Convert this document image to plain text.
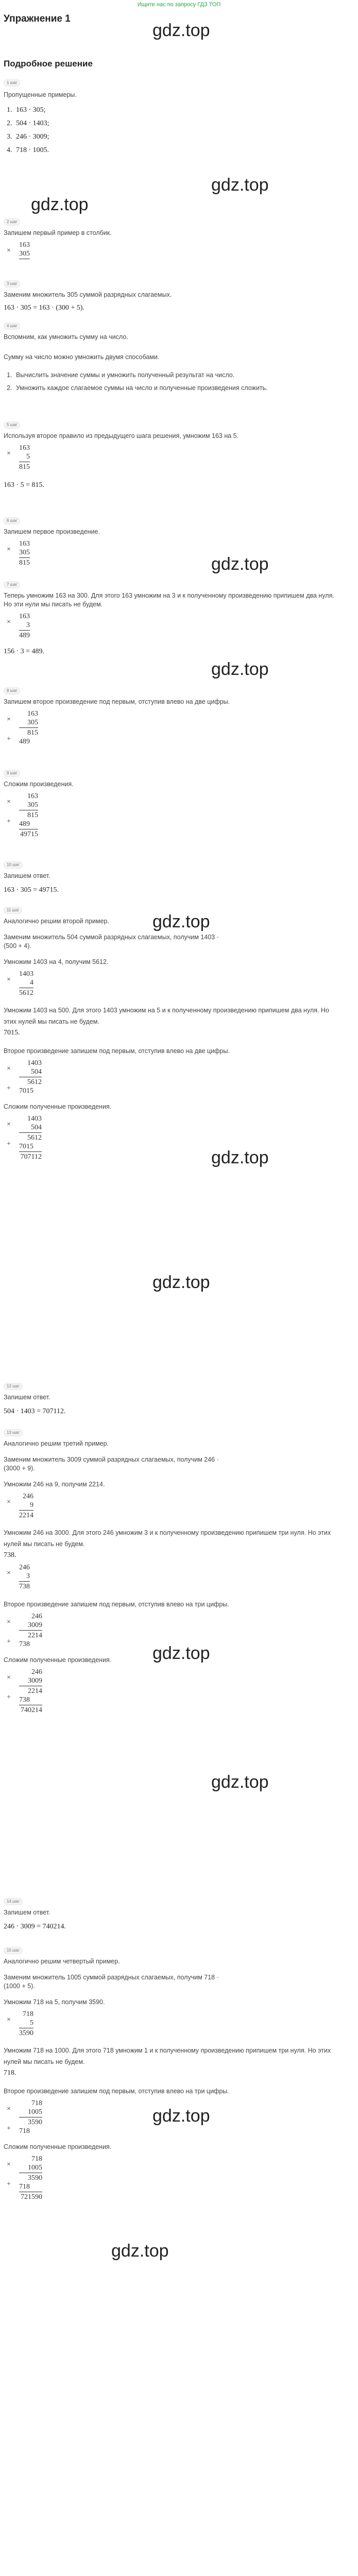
Ищите нас по запросу ГДЗ ТОП
Упражнение 1
gdz.top
Подробное решение
1 шаг
Пропущенные примеры.
1. 163 · 305;
2. 504 · 1403;
3. 246 · 3009;
4. 718 · 1005.
gdz.top
gdz.top
2 шаг
Запишем первый пример в столбик.
×
163
305
3 шаг
Заменим множитель 305 суммой разрядных слагаемых.
163 · 305 = 163 · (300 + 5).
4 шаг
Вспомним, как умножить сумму на число.
Сумму на число можно умножить двумя способами.
1. Вычислить значение суммы и умножить полученный результат на число.
2. Умножить каждое слагаемое суммы на число и полученные произведения сложить.
5 шаг
Используя второе правило из предыдущего шага решения, умножим 163 на 5.
×
163
5
815
163 · 5 = 815.
6 шаг
Запишем первое произведение.
×
163
305
815	gdz.top
7 шаг
Теперь умножим 163 на 300. Для этого 163 умножим на 3 и к полученному произведению припишем два нуля. Но эти нули мы писать не будем.
×
163
3
489
156 · 3 = 489.
gdz.top
8 шаг
Запишем второе произведение под первым, отступив влево на две цифры.
×
+
163
305
815
489
9 шаг
Сложим произведения.
×
+
163
305
815
489
49715
10 шаг
Запишем ответ.
163 · 305 = 49715.
gdz.top
11 шаг
Аналогично решим второй пример.
Заменим множитель 504 суммой разрядных слагаемых, получим 1403 · (500 + 4).
Умножим 1403 на 4, получим 5612.
×
1403
4
5612
Умножим 1403 на 500. Для этого 1403 умножим на 5 и к полученному произведению припишем два нуля. Но этих нулей мы писать не будем.
7015.
Второе произведение запишем под первым, отступив влево на две цифры.
×
+
1403
504
5612
7015
Сложим полученные произведения.
×
+
1403
504
5612
7015
707112	gdz.top
gdz.top
12 шаг
Запишем ответ.
504 · 1403 = 707112.
13 шаг
Аналогично решим третий пример.
Заменим множитель 3009 суммой разрядных слагаемых, получим 246 · (3000 + 9).
Умножим 246 на 9, получим 2214.
×
246
9
2214
Умножим 246 на 3000. Для этого 246 умножим 3 и к полученному произведению припишем три нуля. Но этих нулей мы писать не будем.
738.
×
246
3
738
Второе произведение запишем под первым, отступив влево на три цифры.
×
+
246
3009
2214
738
Сложим полученные произведения.
×
+
246
3009
2214
738
740214
gdz.top
gdz.top
14 шаг
Запишем ответ.
246 · 3009 = 740214.
15 шаг
Аналогично решим четвертый пример.
Заменим множитель 1005 суммой разрядных слагаемых, получим 718 · (1000 + 5).
Умножим 718 на 5, получим 3590.
×
718
5
3590
Умножим 718 на 1000. Для этого 718 умножим 1 и к полученному произведению припишем три нуля. Но этих нулей мы писать не будем.
718.
Второе произведение запишем под первым, отступив влево на три цифры.
×
+
718
1005
3590
718
Сложим полученные произведения.
×
+
718
1005
3590
718
721590
gdz.top
gdz.top
